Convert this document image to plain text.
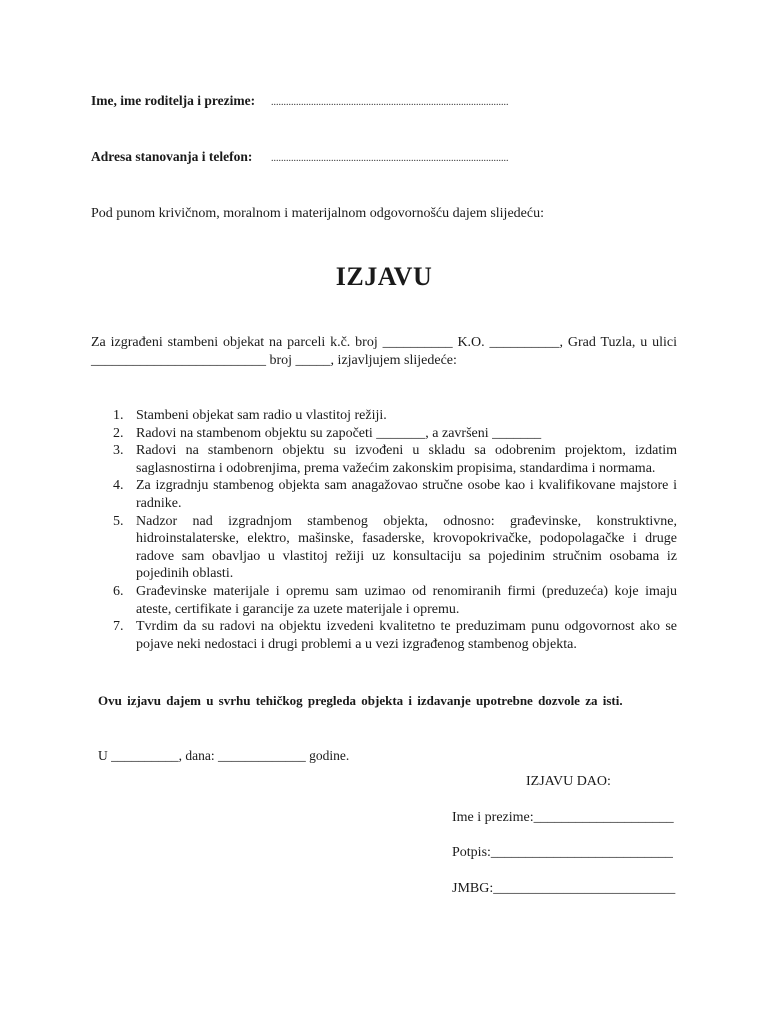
Ime, ime roditelja i prezime: ...............................................................................................
Adresa stanovanja i telefon: ...............................................................................................
Pod punom krivičnom, moralnom i materijalnom odgovornošću dajem slijedeću:
IZJAVU
Za izgrađeni stambeni objekat na parceli k.č. broj __________ K.O. __________, Grad Tuzla, u ulici
_________________________ broj _____, izjavljujem slijedeće:
1. Stambeni objekat sam radio u vlastitoj režiji.
2. Radovi na stambenom objektu su započeti _______, a završeni _______
3. Radovi na stambenorn objektu su izvođeni u skladu sa odobrenim projektom, izdatim saglasnostirna i odobrenjima, prema važećim zakonskim propisima, standardima i normama.
4. Za izgradnju stambenog objekta sam anagažovao stručne osobe kao i kvalifikovane majstore i radnike.
5. Nadzor nad izgradnjom stambenog objekta, odnosno: građevinske, konstruktivne, hidroinstalaterske, elektro, mašinske, fasaderske, krovopokrivačke, podopolagačke i druge radove sam obavljao u vlastitoj režiji uz konsultaciju sa pojedinim stručnim osobama iz pojedinih oblasti.
6. Građevinske materijale i opremu sam uzimao od renomiranih firmi (preduzeća) koje imaju ateste, certifikate i garancije za uzete materijale i opremu.
7. Tvrdim da su radovi na objektu izvedeni kvalitetno te preduzimam punu odgovornost ako se pojave neki nedostaci i drugi problemi a u vezi izgrađenog stambenog objekta.
Ovu izjavu dajem u svrhu tehičkog pregleda objekta i izdavanje upotrebne dozvole za isti.
U __________, dana: _____________ godine.
IZJAVU DAO:
Ime i prezime:____________________
Potpis:__________________________
JMBG:__________________________
